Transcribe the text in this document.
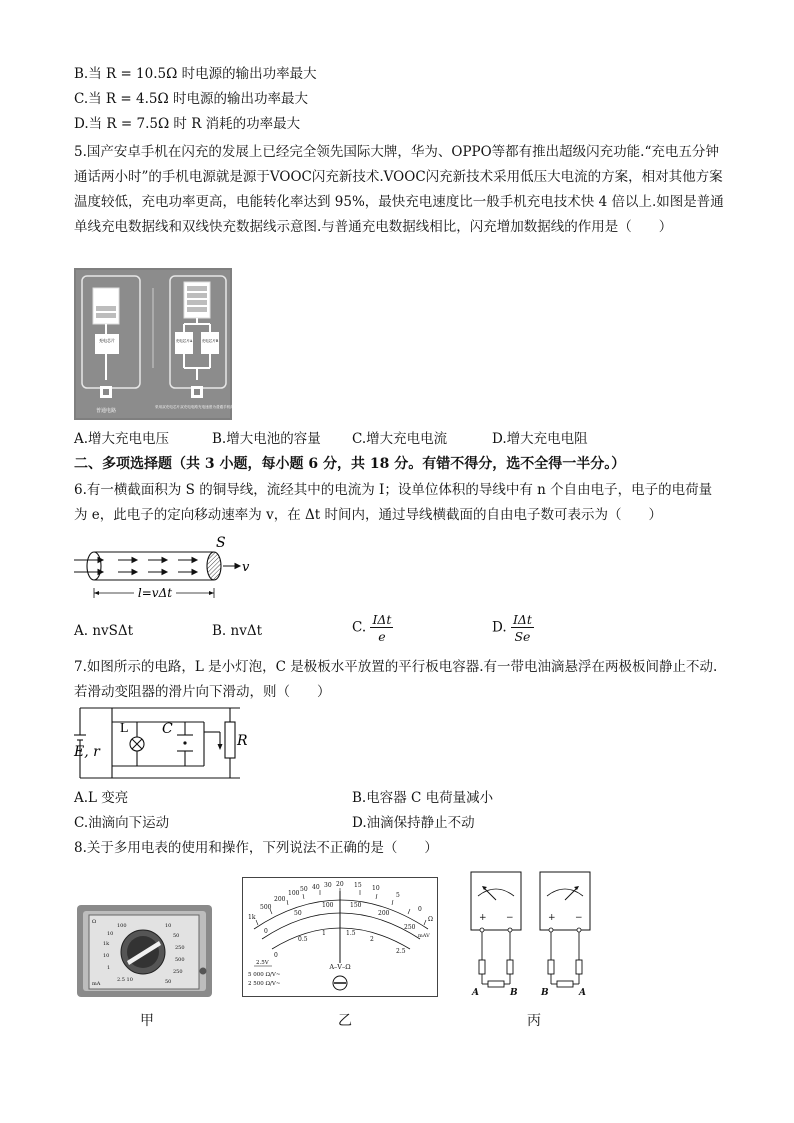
B.当 R = 10.5Ω 时电源的输出功率最大
C.当 R = 4.5Ω 时电源的输出功率最大
D.当 R = 7.5Ω 时 R 消耗的功率最大
5.国产安卓手机在闪充的发展上已经完全领先国际大牌，华为、OPPO等都有推出超级闪充功能.“充电五分钟通话两小时”的手机电源就是源于VOOC闪充新技术.VOOC闪充新技术采用低压大电流的方案，相对其他方案温度较低，充电功率更高，电能转化率达到 95%，最快充电速度比一般手机充电技术快 4 倍以上.如图是普通单线充电数据线和双线快充数据线示意图.与普通充电数据线相比，闪充增加数据线的作用是（　　）
充电芯片
普通电路
充电芯片A	充电芯片B
采用双充电芯片双充电电路充电速度为普通手机的两倍
A.增大充电电压	B.增大电池的容量 C.增大充电电流	D.增大充电电阻
二、多项选择题（共 3 小题，每小题 6 分，共 18 分。有错不得分，选不全得一半分。）
6.有一横截面积为 S 的铜导线，流经其中的电流为 I；设单位体积的导线中有 n 个自由电子，电子的电荷量为 e，此电子的定向移动速率为 v，在 Δt 时间内，通过导线横截面的自由电子数可表示为（　　）
S
v
l=vΔt
A. nvSΔt	B. nvΔt	C. $\frac{\text{IΔt}}{e}$	D. $\frac{\text{IΔt}}{Se}$
7.如图所示的电路，L 是小灯泡，C 是极板水平放置的平行板电容器.有一带电油滴悬浮在两极板间静止不动.若滑动变阻器的滑片向下滑动，则（　　）
L C
R
E, r
A.L 变亮	B.电容器 C 电荷量减小
C.油滴向下运动	D.油滴保持静止不动
8.关于多用电表的使用和操作，下列说法不正确的是（　　）
100
10
1k
10
1
2.5 10
10
50
250
500
250
50
Ω
mA
甲
1k
500
200
100
50 40 30 20 15 10
5
0
Ω
0
50
100	150
200
250
0
0.5
1	1.5
2
2.5
A–V–Ω
5 000 Ω/V~
2 500 Ω/V~
2.5V
mAV
乙
+ −	+ −
A	B	B	A
丙
